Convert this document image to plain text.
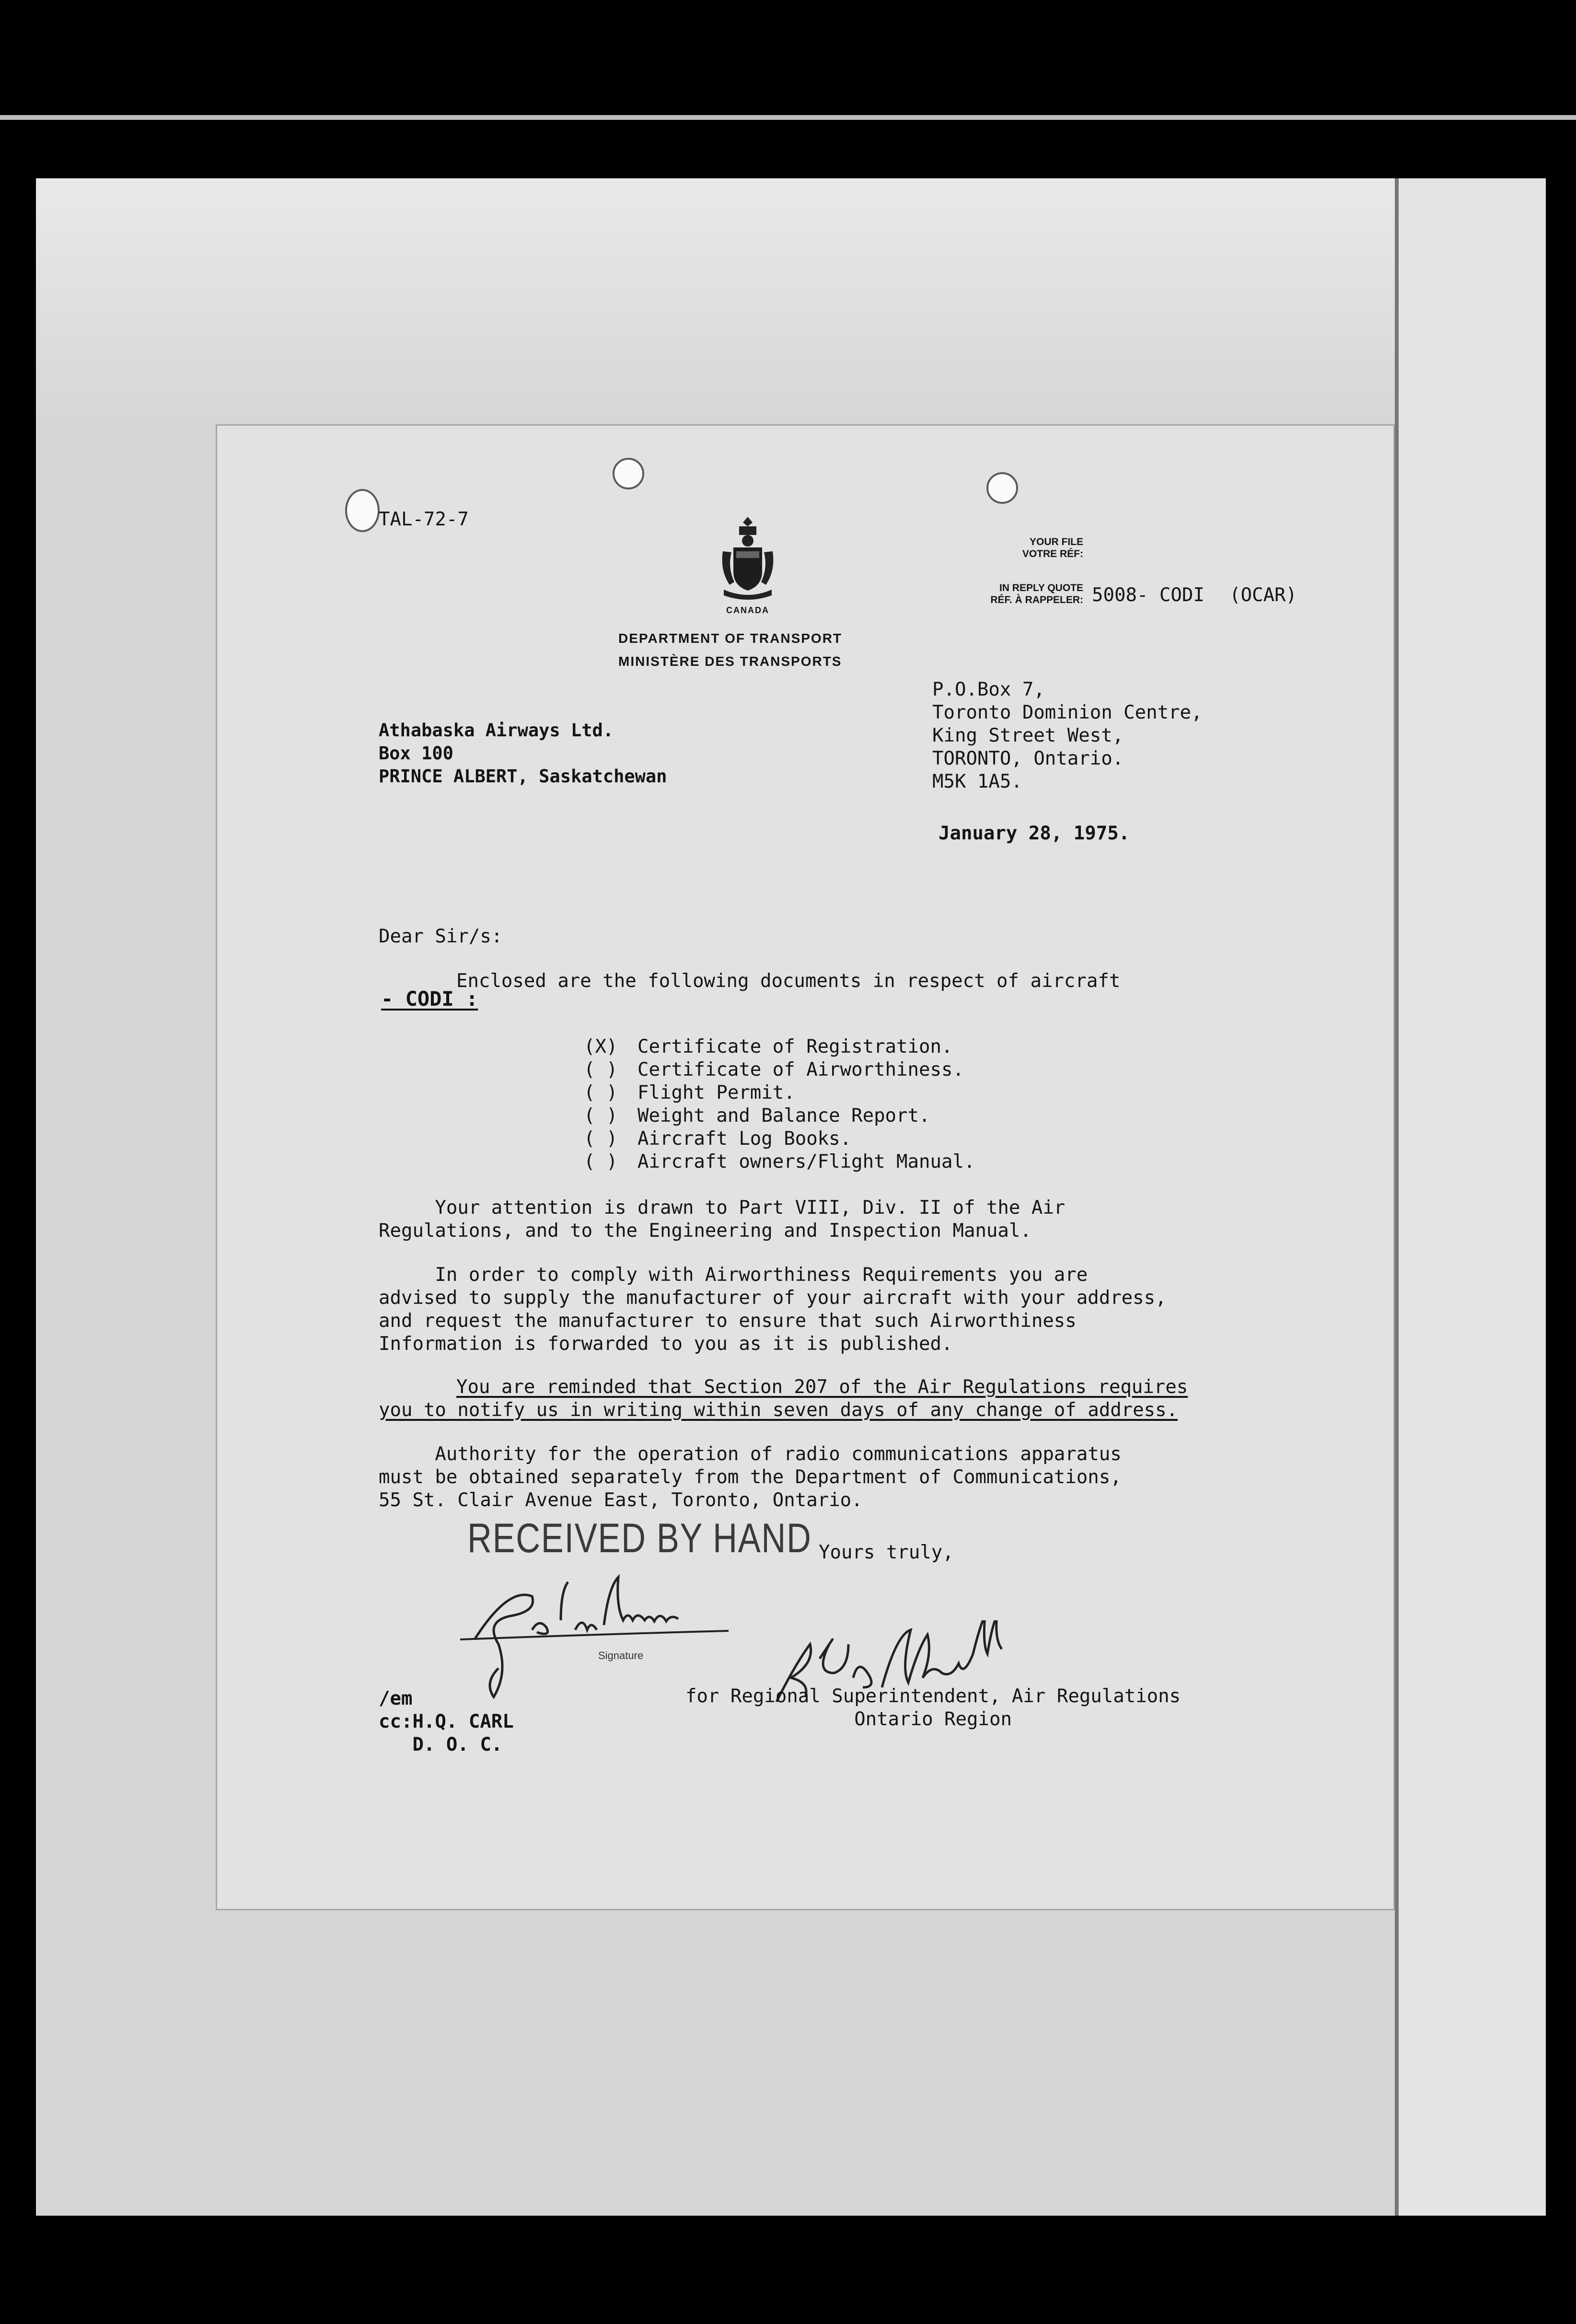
TAL-72-7
CANADA
DEPARTMENT OF TRANSPORT
MINISTÈRE DES TRANSPORTS
YOUR FILE
VOTRE RÉF:
IN REPLY QUOTE
RÉF. À RAPPELER: 5008- CODI (OCAR)
P.O.Box 7,
Toronto Dominion Centre,
King Street West,
TORONTO, Ontario.
M5K 1A5.
Athabaska Airways Ltd.
Box 100
PRINCE ALBERT, Saskatchewan
January 28, 1975.
Dear Sir/s:
Enclosed are the following documents in respect of aircraft
- CODI :
(X) Certificate of Registration.
( ) Certificate of Airworthiness.
( ) Flight Permit.
( ) Weight and Balance Report.
( ) Aircraft Log Books.
( ) Aircraft owners/Flight Manual.
Your attention is drawn to Part VIII, Div. II of the Air
Regulations, and to the Engineering and Inspection Manual.
In order to comply with Airworthiness Requirements you are
advised to supply the manufacturer of your aircraft with your address,
and request the manufacturer to ensure that such Airworthiness
Information is forwarded to you as it is published.
You are reminded that Section 207 of the Air Regulations requires
you to notify us in writing within seven days of any change of address.
Authority for the operation of radio communications apparatus
must be obtained separately from the Department of Communications,
55 St. Clair Avenue East, Toronto, Ontario.
RECEIVED BY HAND Yours truly,
Signature
for Regional Superintendent, Air Regulations
Ontario Region
/em
cc:H.Q. CARL
D. O. C.
